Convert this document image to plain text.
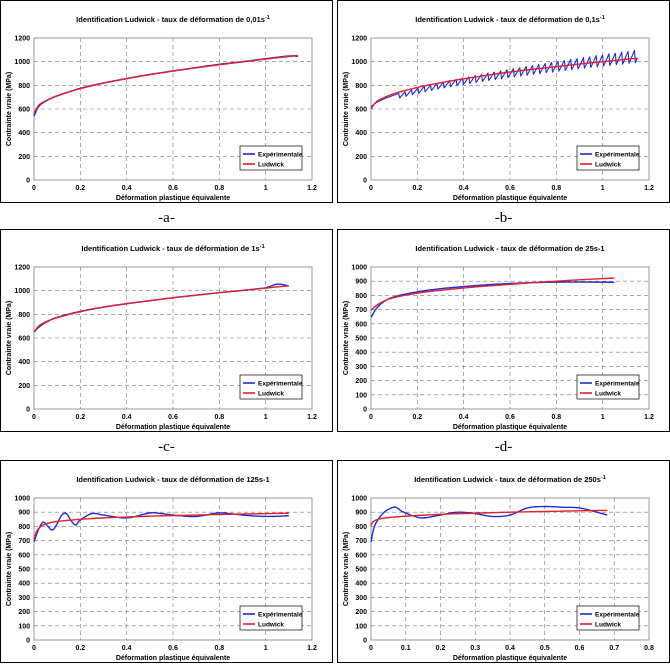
Identification Ludwick - taux de déformation de $0,01s^{-1}$
0
200
400
600
800
1000
1200
0	0.2	0.4	0.6	0.8	1	1.2
Déformation plastique équivalente
Contrainte vraie (MPa)
Expérimentale
Ludwick
-a-
Identification Ludwick - taux de déformation de $0,1s^{-1}$
0
200
400
600
800
1000
1200
0	0.2	0.4	0.6	0.8	1	1.2
Déformation plastique équivalente
Contrainte vraie (MPa)
Expérimentale
Ludwick
-b-
Identification Ludwick - taux de déformation de $1s^{-1}$
0
200
400
600
800
1000
1200
0	0.2	0.4	0.6	0.8	1	1.2
Déformation plastique équivalente
Contrainte vraie (MPa)
Expérimentale
Ludwick
-c-
Identification Ludwick - taux de déformation de 25s-1
0
100
200
300
400
500
600
700
800
900
1000
0	0.2	0.4	0.6	0.8	1	1.2
Déformation plastique équivalente
Contrainte vraie (MPa)
Expérimentale
Ludwick
-d-
Identification Ludwick - taux de déformation de 125s-1
0
100
200
300
400
500
600
700
800
900
1000
0	0.2	0.4	0.6	0.8	1	1.2
Déformation plastique équivalente
Contrainte vraie (MPa)
Expérimentale
Ludwick
Identification Ludwick - taux de déformation de $250s^{-1}$
0
100
200
300
400
500
600
700
800
900
1000
0	0.1	0.2	0.3	0.4	0.5	0.6	0.7	0.8
Déformation plastique équivalente
Contrainte vraie (MPa)
Expérimentale
Ludwick
